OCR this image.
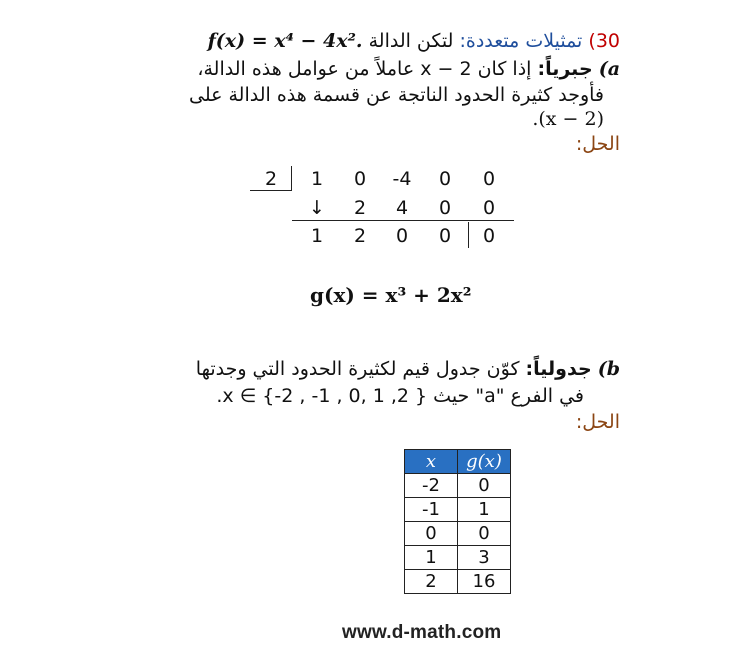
30) تمثيلات متعددة: لتكن الدالة f(x) = x⁴ − 4x².
a) جبرياً: إذا كان x − 2 عاملاً من عوامل هذه الدالة،
فأوجد كثيرة الحدود الناتجة عن قسمة هذه الدالة على
.(x − 2)
الحل:
2	1	0	-4	0	0
↓	2	4	0	0
1	2	0	0	0
g(x) = x³ + 2x²
b) جدولياً: كوّن جدول قيم لكثيرة الحدود التي وجدتها
في الفرع "a" حيث { 2, 1 ,0 , 1- , 2-} ∋ x.
الحل:
x	g(x)
-2	0
-1	1
0	0
1	3
2	16
www.d-math.com
